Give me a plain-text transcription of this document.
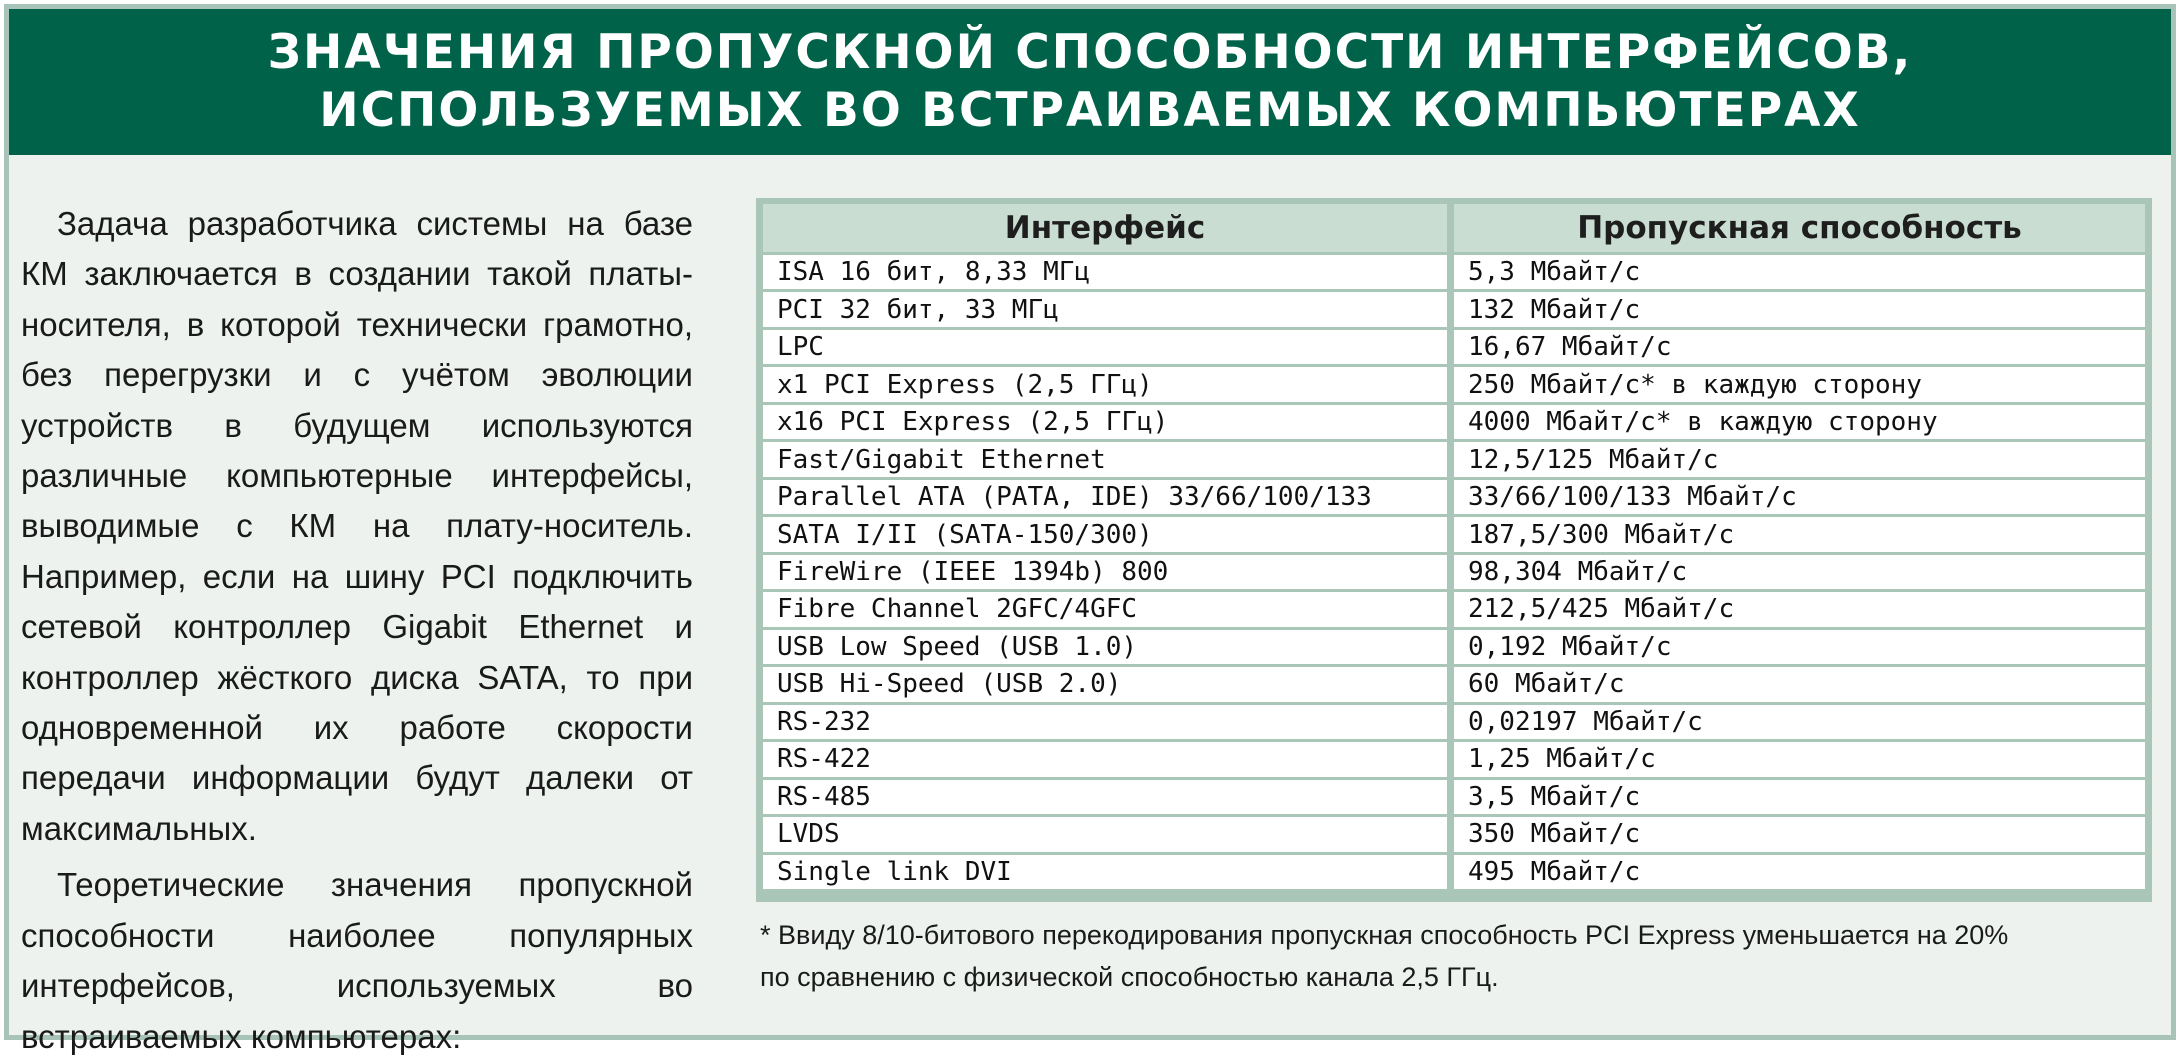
ЗНАЧЕНИЯ ПРОПУСКНОЙ СПОСОБНОСТИ ИНТЕРФЕЙСОВ,
ИСПОЛЬЗУЕМЫХ ВО ВСТРАИВАЕМЫХ КОМПЬЮТЕРАХ

Задача разработчика системы на базе КМ заключается в создании такой платы-носителя, в которой технически грамотно, без перегрузки и с учётом эволюции устройств в будущем используются различные компьютерные интерфейсы, выводимые с КМ на плату-носитель. Например, если на шину PCI подключить сетевой контроллер Gigabit Ethernet и контроллер жёсткого диска SATA, то при одновременной их работе скорости передачи информации будут далеки от максимальных.

Теоретические значения пропускной способности наиболее популярных интерфейсов, используемых во встраиваемых компьютерах:

Интерфейс	Пропускная способность
ISA 16 бит, 8,33 МГц	5,3 Мбайт/с
PCI 32 бит, 33 МГц	132 Мбайт/с
LPC	16,67 Мбайт/с
x1 PCI Express (2,5 ГГц)	250 Мбайт/с* в каждую сторону
x16 PCI Express (2,5 ГГц)	4000 Мбайт/с* в каждую сторону
Fast/Gigabit Ethernet	12,5/125 Мбайт/с
Parallel ATA (PATA, IDE) 33/66/100/133	33/66/100/133 Мбайт/с
SATA I/II (SATA-150/300)	187,5/300 Мбайт/с
FireWire (IEEE 1394b) 800	98,304 Мбайт/с
Fibre Channel 2GFC/4GFC	212,5/425 Мбайт/с
USB Low Speed (USB 1.0)	0,192 Мбайт/с
USB Hi-Speed (USB 2.0)	60 Мбайт/с
RS-232	0,02197 Мбайт/с
RS-422	1,25 Мбайт/с
RS-485	3,5 Мбайт/с
LVDS	350 Мбайт/с
Single link DVI	495 Мбайт/с
* Ввиду 8/10-битового перекодирования пропускная способность PCI Express уменьшается на 20%
по сравнению с физической способностью канала 2,5 ГГц.
